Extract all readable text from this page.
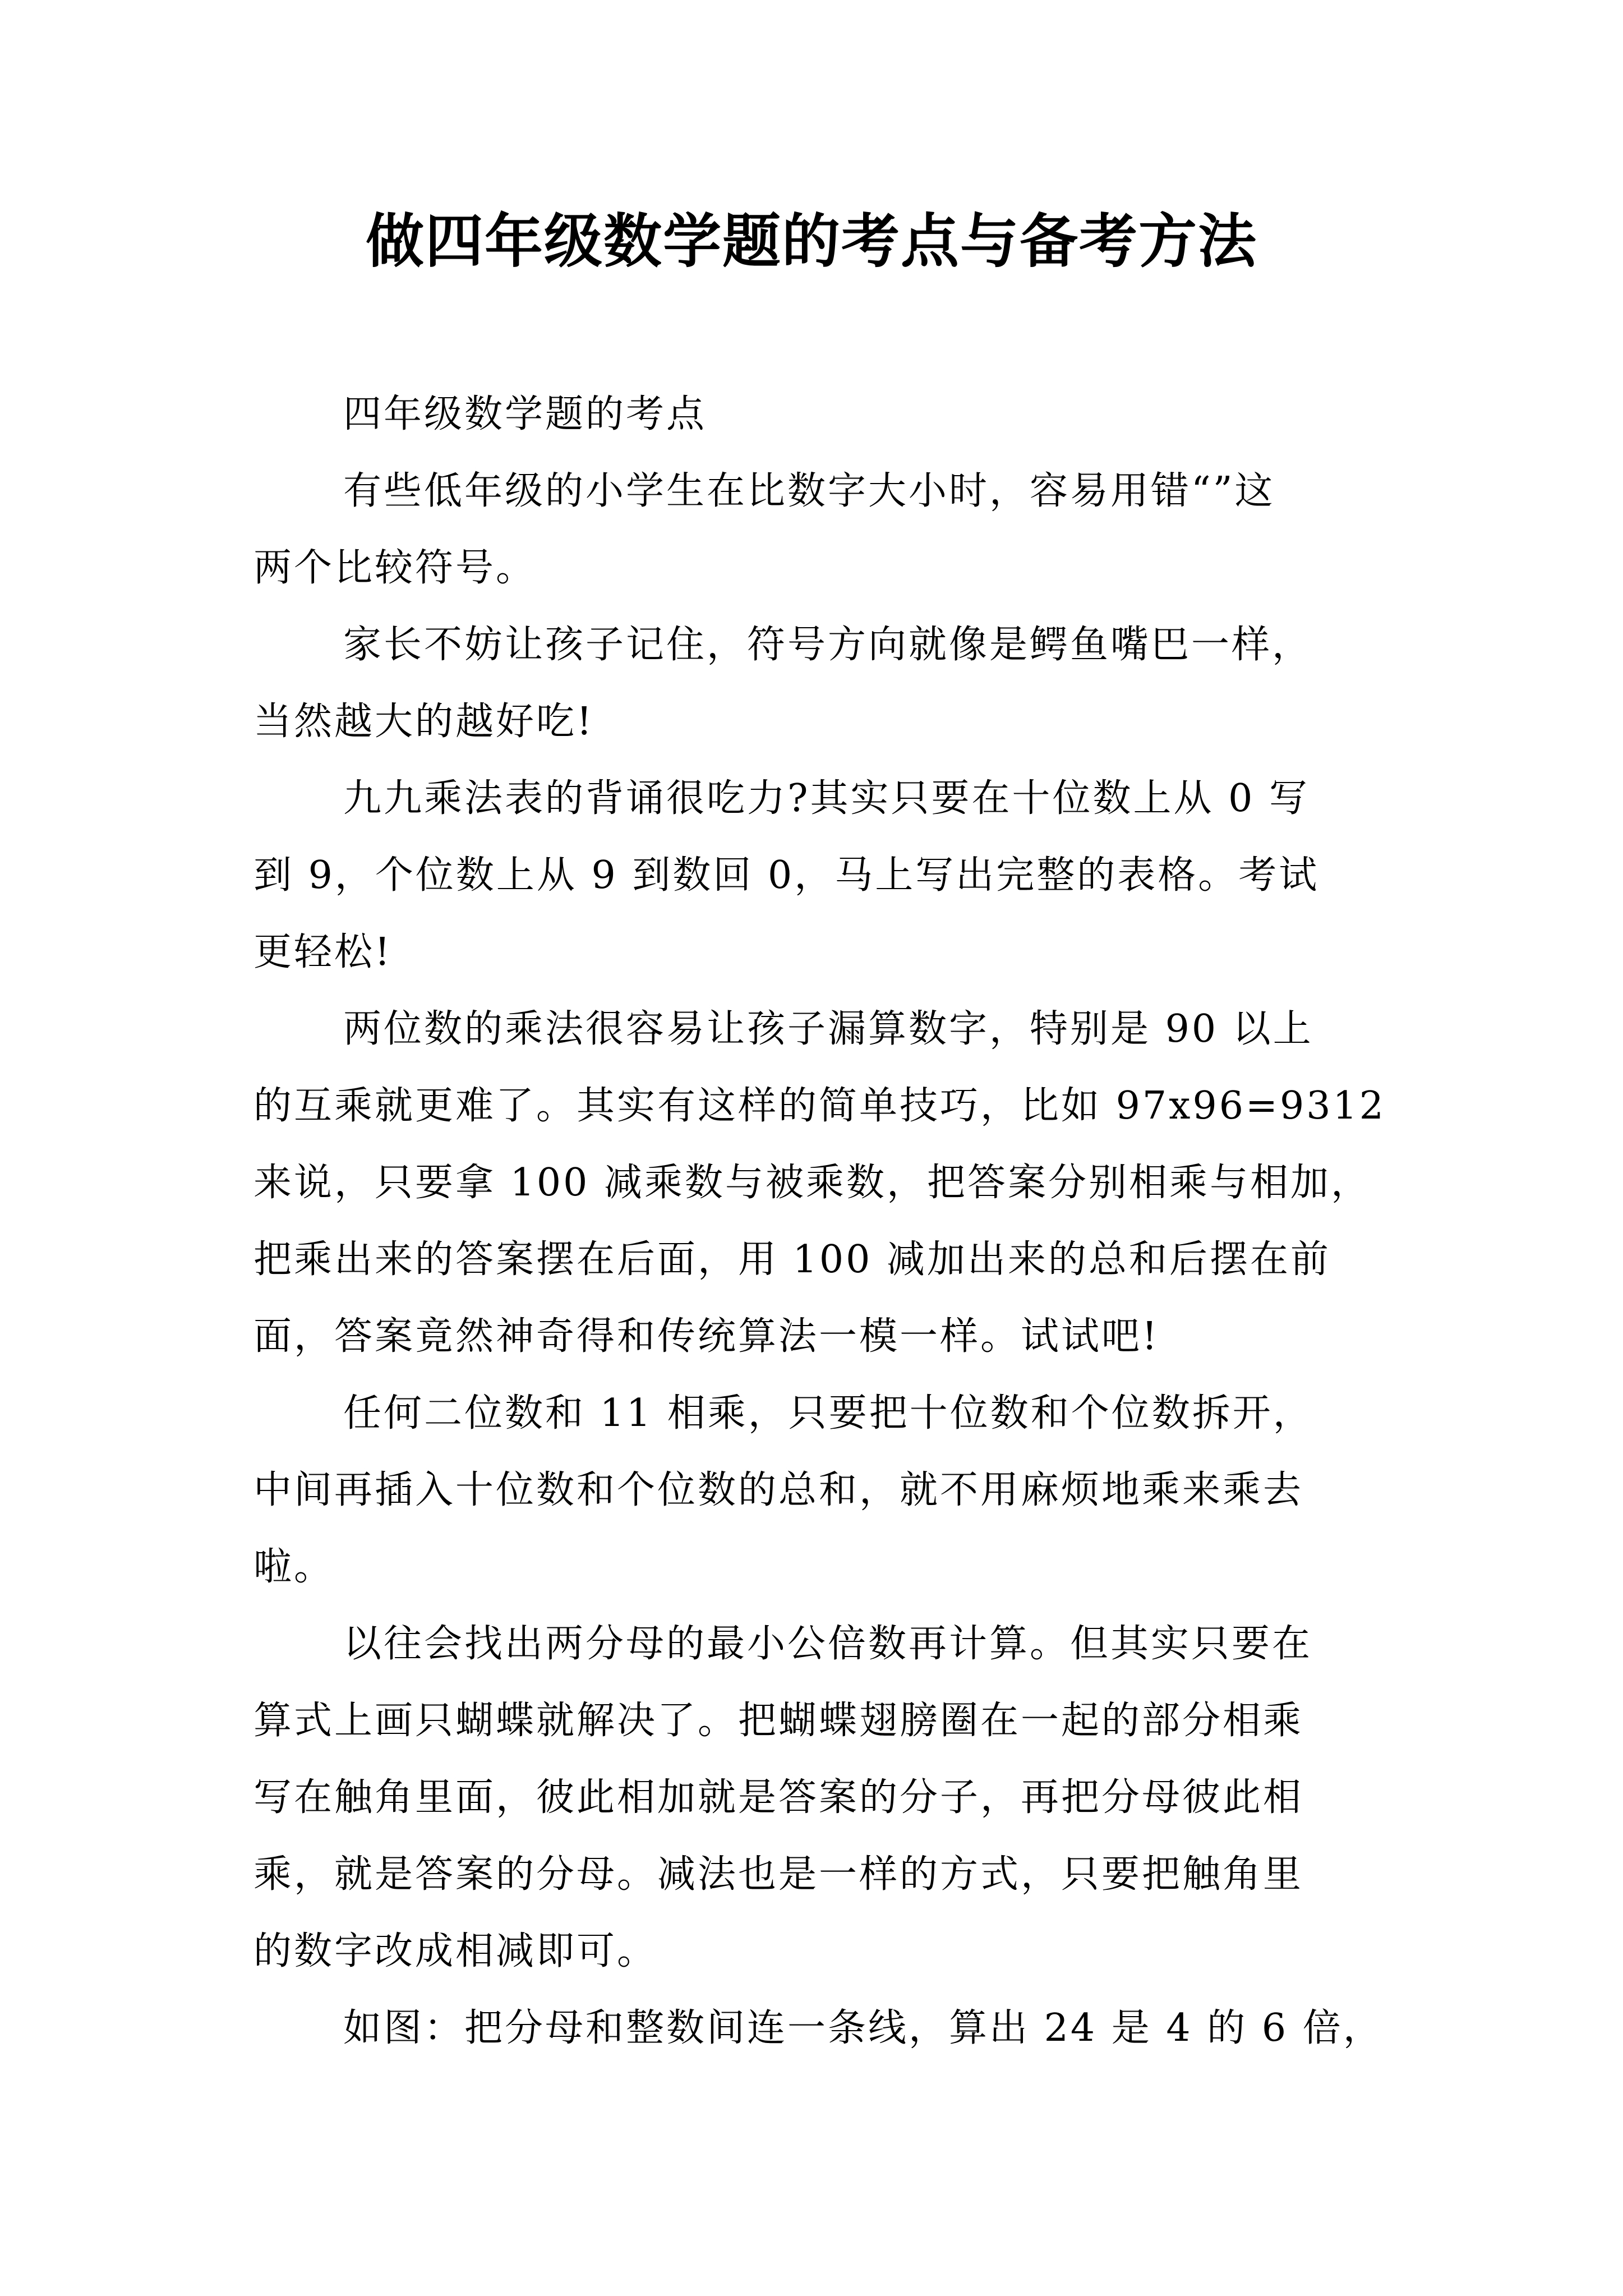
做四年级数学题的考点与备考方法
四年级数学题的考点
有些低年级的小学生在比数字大小时，容易用错“”这
两个比较符号。
家长不妨让孩子记住，符号方向就像是鳄鱼嘴巴一样，
当然越大的越好吃!
九九乘法表的背诵很吃力?其实只要在十位数上从 0 写
到 9，个位数上从 9 到数回 0，马上写出完整的表格。考试
更轻松!
两位数的乘法很容易让孩子漏算数字，特别是 90 以上
的互乘就更难了。其实有这样的简单技巧，比如 97x96=9312
来说，只要拿 100 减乘数与被乘数，把答案分别相乘与相加，
把乘出来的答案摆在后面，用 100 减加出来的总和后摆在前
面，答案竟然神奇得和传统算法一模一样。试试吧!
任何二位数和 11 相乘，只要把十位数和个位数拆开，
中间再插入十位数和个位数的总和，就不用麻烦地乘来乘去
啦。
以往会找出两分母的最小公倍数再计算。但其实只要在
算式上画只蝴蝶就解决了。把蝴蝶翅膀圈在一起的部分相乘
写在触角里面，彼此相加就是答案的分子，再把分母彼此相
乘，就是答案的分母。减法也是一样的方式，只要把触角里
的数字改成相减即可。
如图：把分母和整数间连一条线，算出 24 是 4 的 6 倍，
